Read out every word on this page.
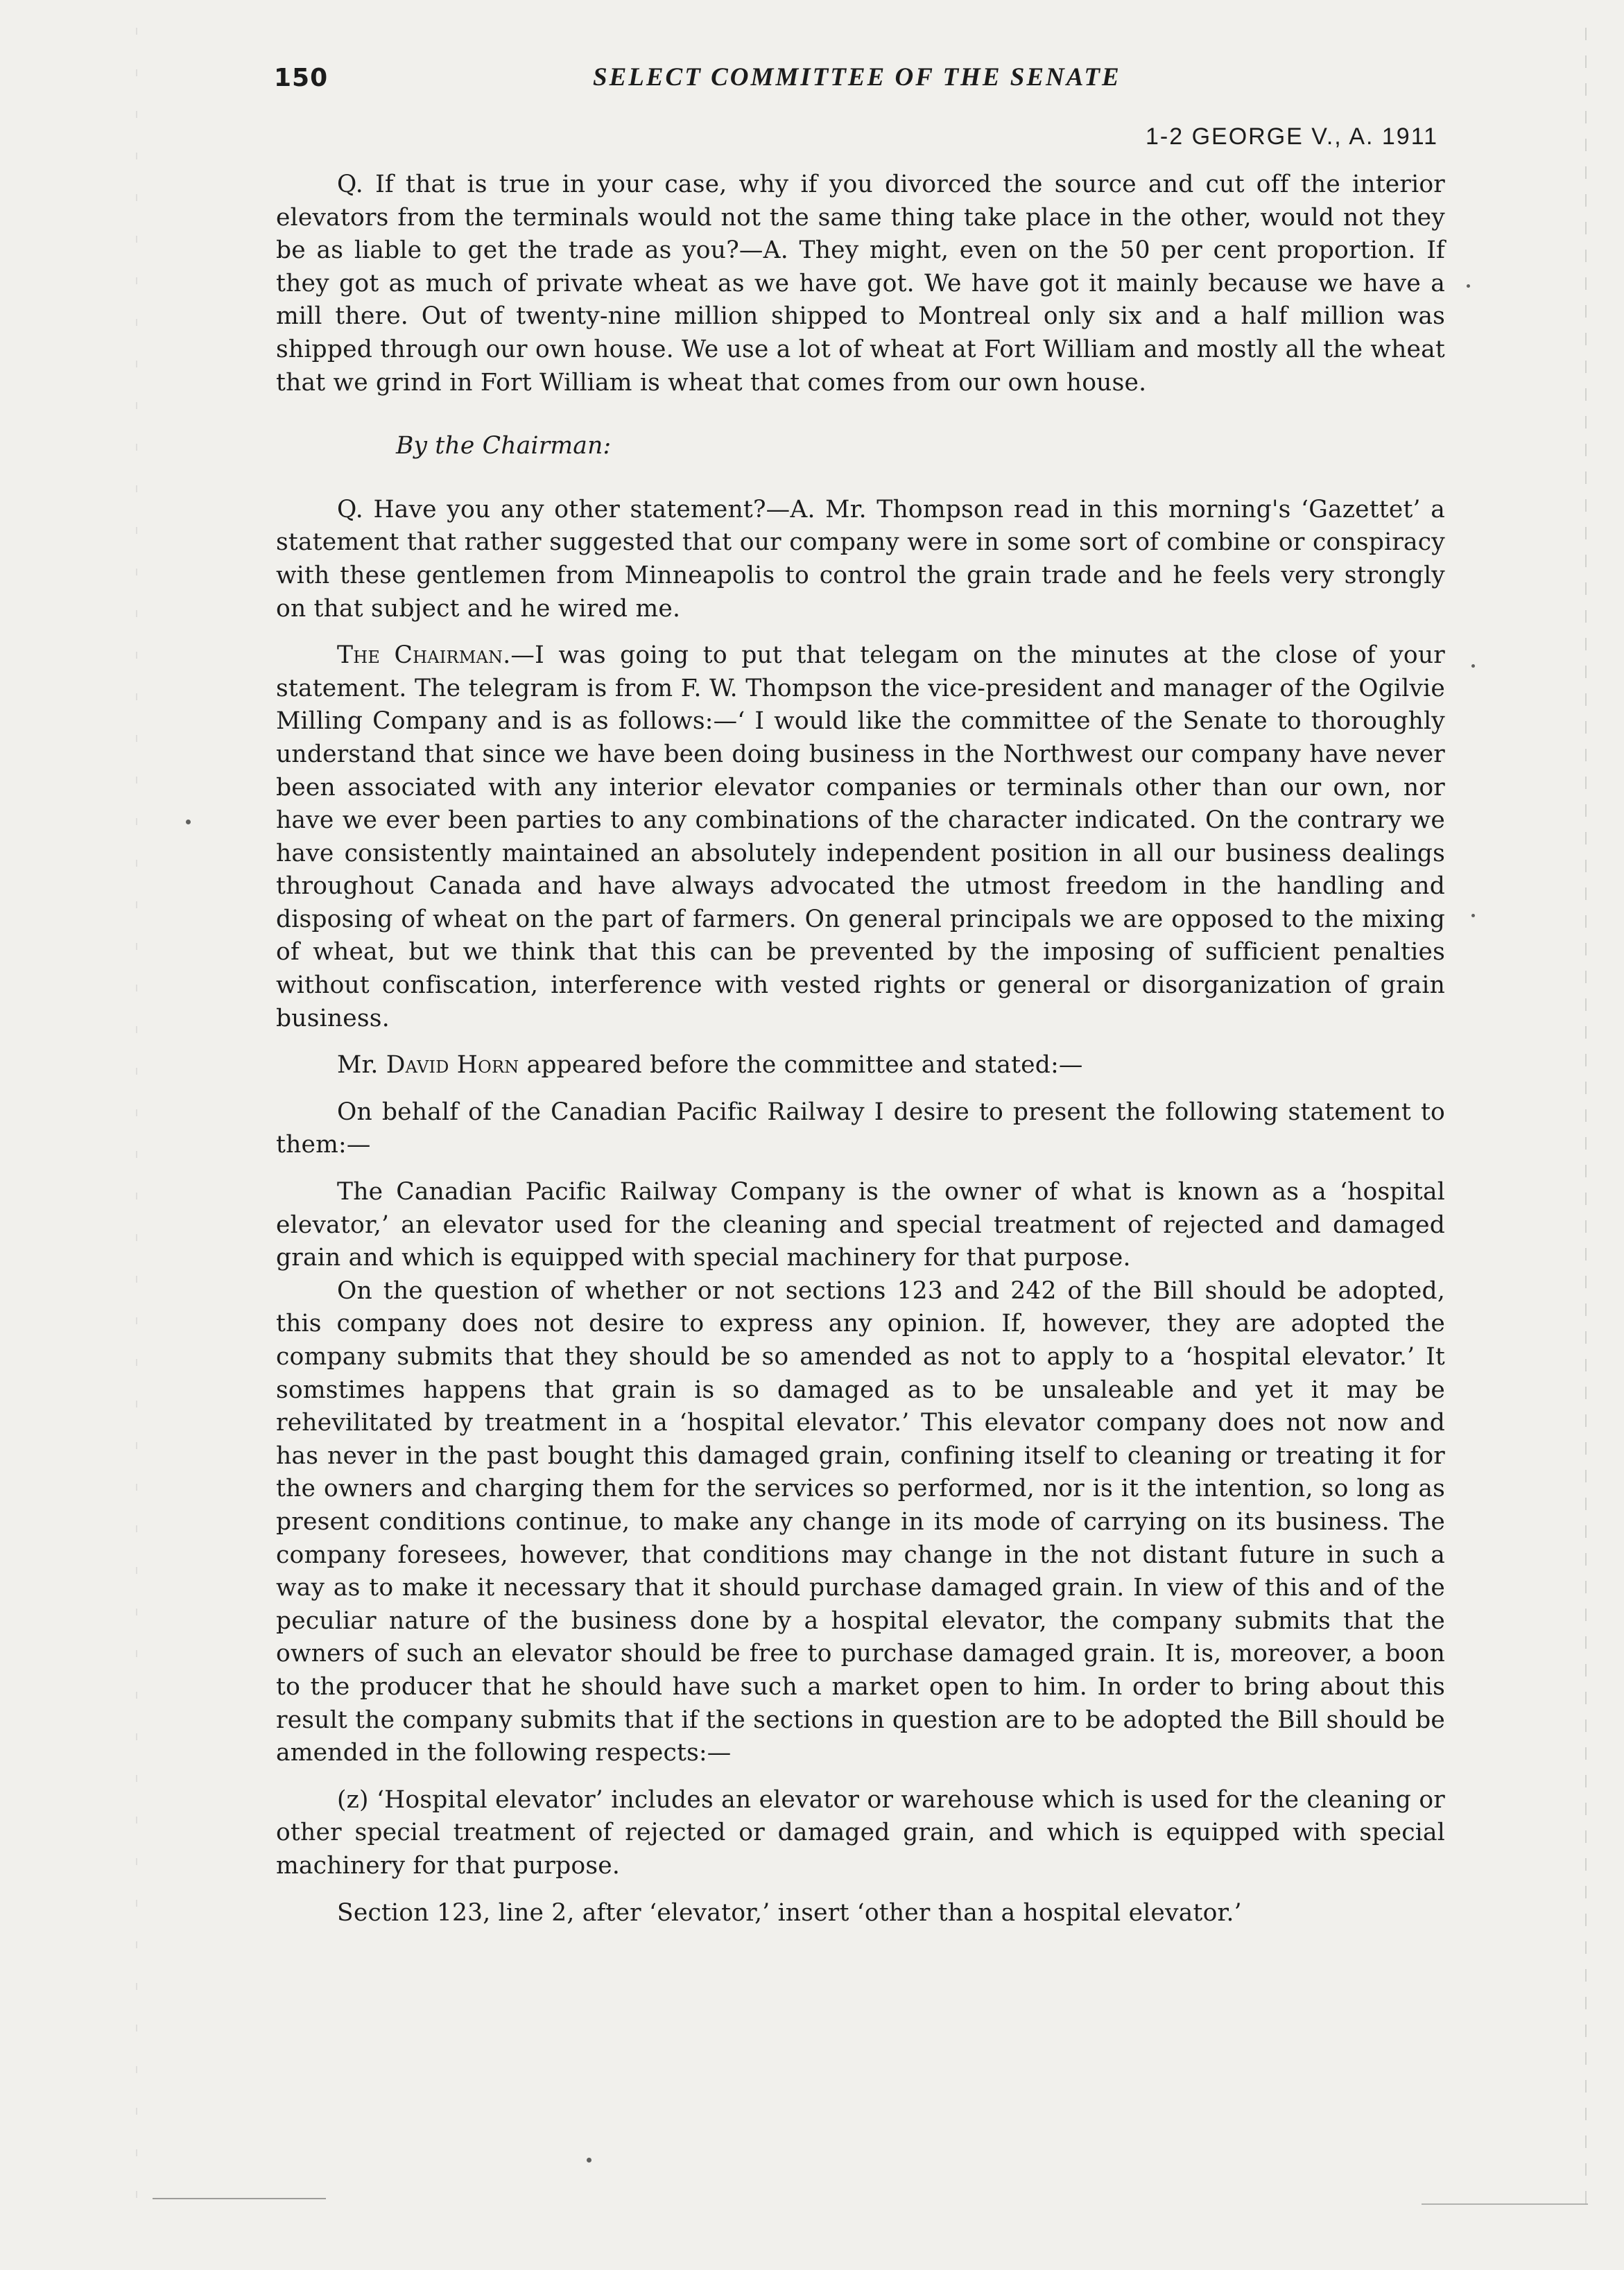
150	SELECT COMMITTEE OF THE SENATE
1-2 GEORGE V., A. 1911

Q. If that is true in your case, why if you divorced the source and cut off the interior elevators from the terminals would not the same thing take place in the other, would not they be as liable to get the trade as you?—A. They might, even on the 50 per cent proportion. If they got as much of private wheat as we have got. We have got it mainly because we have a mill there. Out of twenty-nine million shipped to Montreal only six and a half million was shipped through our own house. We use a lot of wheat at Fort William and mostly all the wheat that we grind in Fort William is wheat that comes from our own house.

By the Chairman:

Q. Have you any other statement?—A. Mr. Thompson read in this morning's ‘Gazettet’ a statement that rather suggested that our company were in some sort of combine or conspiracy with these gentlemen from Minneapolis to control the grain trade and he feels very strongly on that subject and he wired me.

The Chairman.—I was going to put that telegam on the minutes at the close of your statement. The telegram is from F. W. Thompson the vice-president and manager of the Ogilvie Milling Company and is as follows:—‘ I would like the committee of the Senate to thoroughly understand that since we have been doing business in the Northwest our company have never been associated with any interior elevator companies or terminals other than our own, nor have we ever been parties to any combinations of the character indicated. On the contrary we have consistently maintained an absolutely independent position in all our business dealings throughout Canada and have always advocated the utmost freedom in the handling and disposing of wheat on the part of farmers. On general principals we are opposed to the mixing of wheat, but we think that this can be prevented by the imposing of sufficient penalties without confiscation, interference with vested rights or general or disorganization of grain business.

Mr. David Horn appeared before the committee and stated:—

On behalf of the Canadian Pacific Railway I desire to present the following statement to them:—

The Canadian Pacific Railway Company is the owner of what is known as a ‘hospital elevator,’ an elevator used for the cleaning and special treatment of rejected and damaged grain and which is equipped with special machinery for that purpose.

On the question of whether or not sections 123 and 242 of the Bill should be adopted, this company does not desire to express any opinion. If, however, they are adopted the company submits that they should be so amended as not to apply to a ‘hospital elevator.’ It somstimes happens that grain is so damaged as to be unsaleable and yet it may be rehevilitated by treatment in a ‘hospital elevator.’ This elevator company does not now and has never in the past bought this damaged grain, confining itself to cleaning or treating it for the owners and charging them for the services so performed, nor is it the intention, so long as present conditions continue, to make any change in its mode of carrying on its business. The company foresees, however, that conditions may change in the not distant future in such a way as to make it necessary that it should purchase damaged grain. In view of this and of the peculiar nature of the business done by a hospital elevator, the company submits that the owners of such an elevator should be free to purchase damaged grain. It is, moreover, a boon to the producer that he should have such a market open to him. In order to bring about this result the company submits that if the sections in question are to be adopted the Bill should be amended in the following respects:—

(z) ‘Hospital elevator’ includes an elevator or warehouse which is used for the cleaning or other special treatment of rejected or damaged grain, and which is equipped with special machinery for that purpose.

Section 123, line 2, after ‘elevator,’ insert ‘other than a hospital elevator.’
